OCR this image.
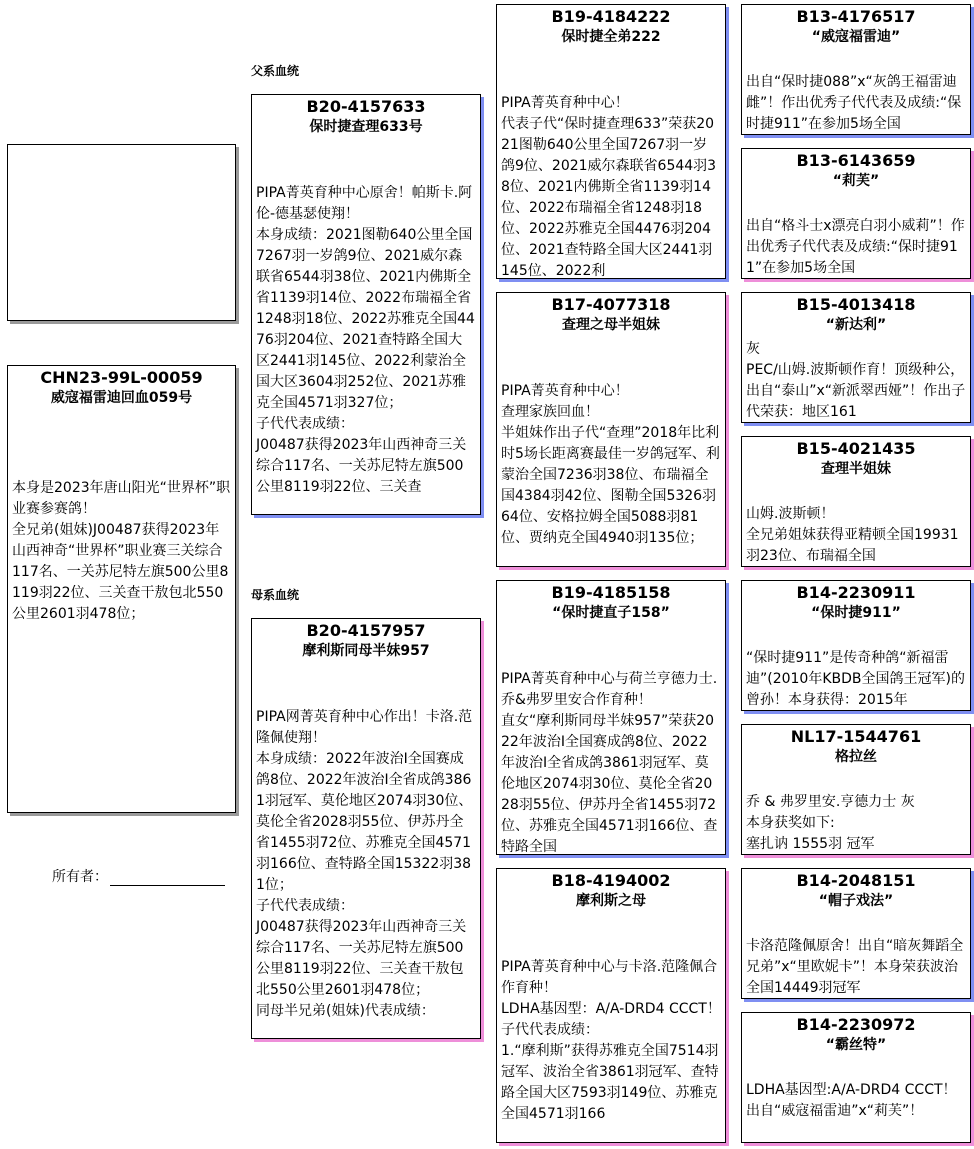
CHN23-99L-00059
威寇福雷迪回血059号
本身是2023年唐山阳光“世界杯”职业赛参赛鸽！
全兄弟(姐妹)J00487获得2023年山西神奇“世界杯”职业赛三关综合117名、一关苏尼特左旗500公里8119羽22位、三关查干敖包北550公里2601羽478位；
所有者：
父系血统
母系血统
B20-4157633
保时捷查理633号
PIPA菁英育种中心原舍！帕斯卡.阿伦-德基瑟使翔！
本身成绩：2021图勒640公里全国7267羽一岁鸽9位、2021威尔森联省6544羽38位、2021内佛斯全省1139羽14位、2022布瑞福全省1248羽18位、2022苏雅克全国4476羽204位、2021查特路全国大区2441羽145位、2022利蒙治全国大区3604羽252位、2021苏雅克全国4571羽327位；
子代代表成绩：
J00487获得2023年山西神奇三关综合117名、一关苏尼特左旗500公里8119羽22位、三关查
B20-4157957
摩利斯同母半妹957
PIPA网菁英育种中心作出！卡洛.范隆佩使翔！
本身成绩：2022年波治I全国赛成鸽8位、2022年波治I全省成鸽3861羽冠军、莫伦地区2074羽30位、莫伦全省2028羽55位、伊苏丹全省1455羽72位、苏雅克全国4571羽166位、查特路全国15322羽381位；
子代代表成绩：
J00487获得2023年山西神奇三关综合117名、一关苏尼特左旗500公里8119羽22位、三关查干敖包北550公里2601羽478位；
同母半兄弟(姐妹)代表成绩：
B19-4184222
保时捷全弟222
PIPA菁英育种中心！
代表子代“保时捷查理633”荣获2021图勒640公里全国7267羽一岁鸽9位、2021威尔森联省6544羽38位、2021内佛斯全省1139羽14位、2022布瑞福全省1248羽18位、2022苏雅克全国4476羽204位、2021查特路全国大区2441羽145位、2022利
B17-4077318
查理之母半姐妹
PIPA菁英育种中心！
查理家族回血！
半姐妹作出子代“查理”2018年比利时5场长距离赛最佳一岁鸽冠军、利蒙治全国7236羽38位、布瑞福全国4384羽42位、图勒全国5326羽64位、安格拉姆全国5088羽81位、贾纳克全国4940羽135位；
B19-4185158
“保时捷直子158”
PIPA菁英育种中心与荷兰亨德力士.乔&弗罗里安合作育种！
直女“摩利斯同母半妹957”荣获2022年波治I全国赛成鸽8位、2022年波治I全省成鸽3861羽冠军、莫伦地区2074羽30位、莫伦全省2028羽55位、伊苏丹全省1455羽72位、苏雅克全国4571羽166位、查特路全国
B18-4194002
摩利斯之母
PIPA菁英育种中心与卡洛.范隆佩合作育种！
LDHA基因型：A/A-DRD4 CCCT！
子代代表成绩：
1.“摩利斯”获得苏雅克全国7514羽冠军、波治全省3861羽冠军、查特路全国大区7593羽149位、苏雅克全国4571羽166
B13-4176517
“威寇福雷迪”
出自“保时捷088”x“灰鸽王福雷迪雌”！作出优秀子代代表及成绩:“保时捷911”在参加5场全国
B13-6143659
“莉芙”
出自“格斗士x漂亮白羽小威莉”！作出优秀子代代表及成绩:“保时捷911”在参加5场全国
B15-4013418
“新达利”
灰
PEC/山姆.波斯顿作育！顶级种公，出自“泰山”x“新派翠西娅”！作出子代荣获：地区161
B15-4021435
查理半姐妹
山姆.波斯顿！
全兄弟姐妹获得亚精顿全国19931羽23位、布瑞福全国
B14-2230911
“保时捷911”
“保时捷911”是传奇种鸽“新福雷迪”(2010年KBDB全国鸽王冠军)的曾孙！本身获得：2015年
NL17-1544761
格拉丝
乔 & 弗罗里安.亨德力士 灰
本身获奖如下:
塞扎讷 1555羽 冠军
B14-2048151
“帽子戏法”
卡洛范隆佩原舍！出自“暗灰舞蹈全兄弟”x“里欧妮卡”！本身荣获波治全国14449羽冠军
B14-2230972
“霸丝特”
LDHA基因型:A/A-DRD4 CCCT！
出自“威寇福雷迪”x“莉芙”！
